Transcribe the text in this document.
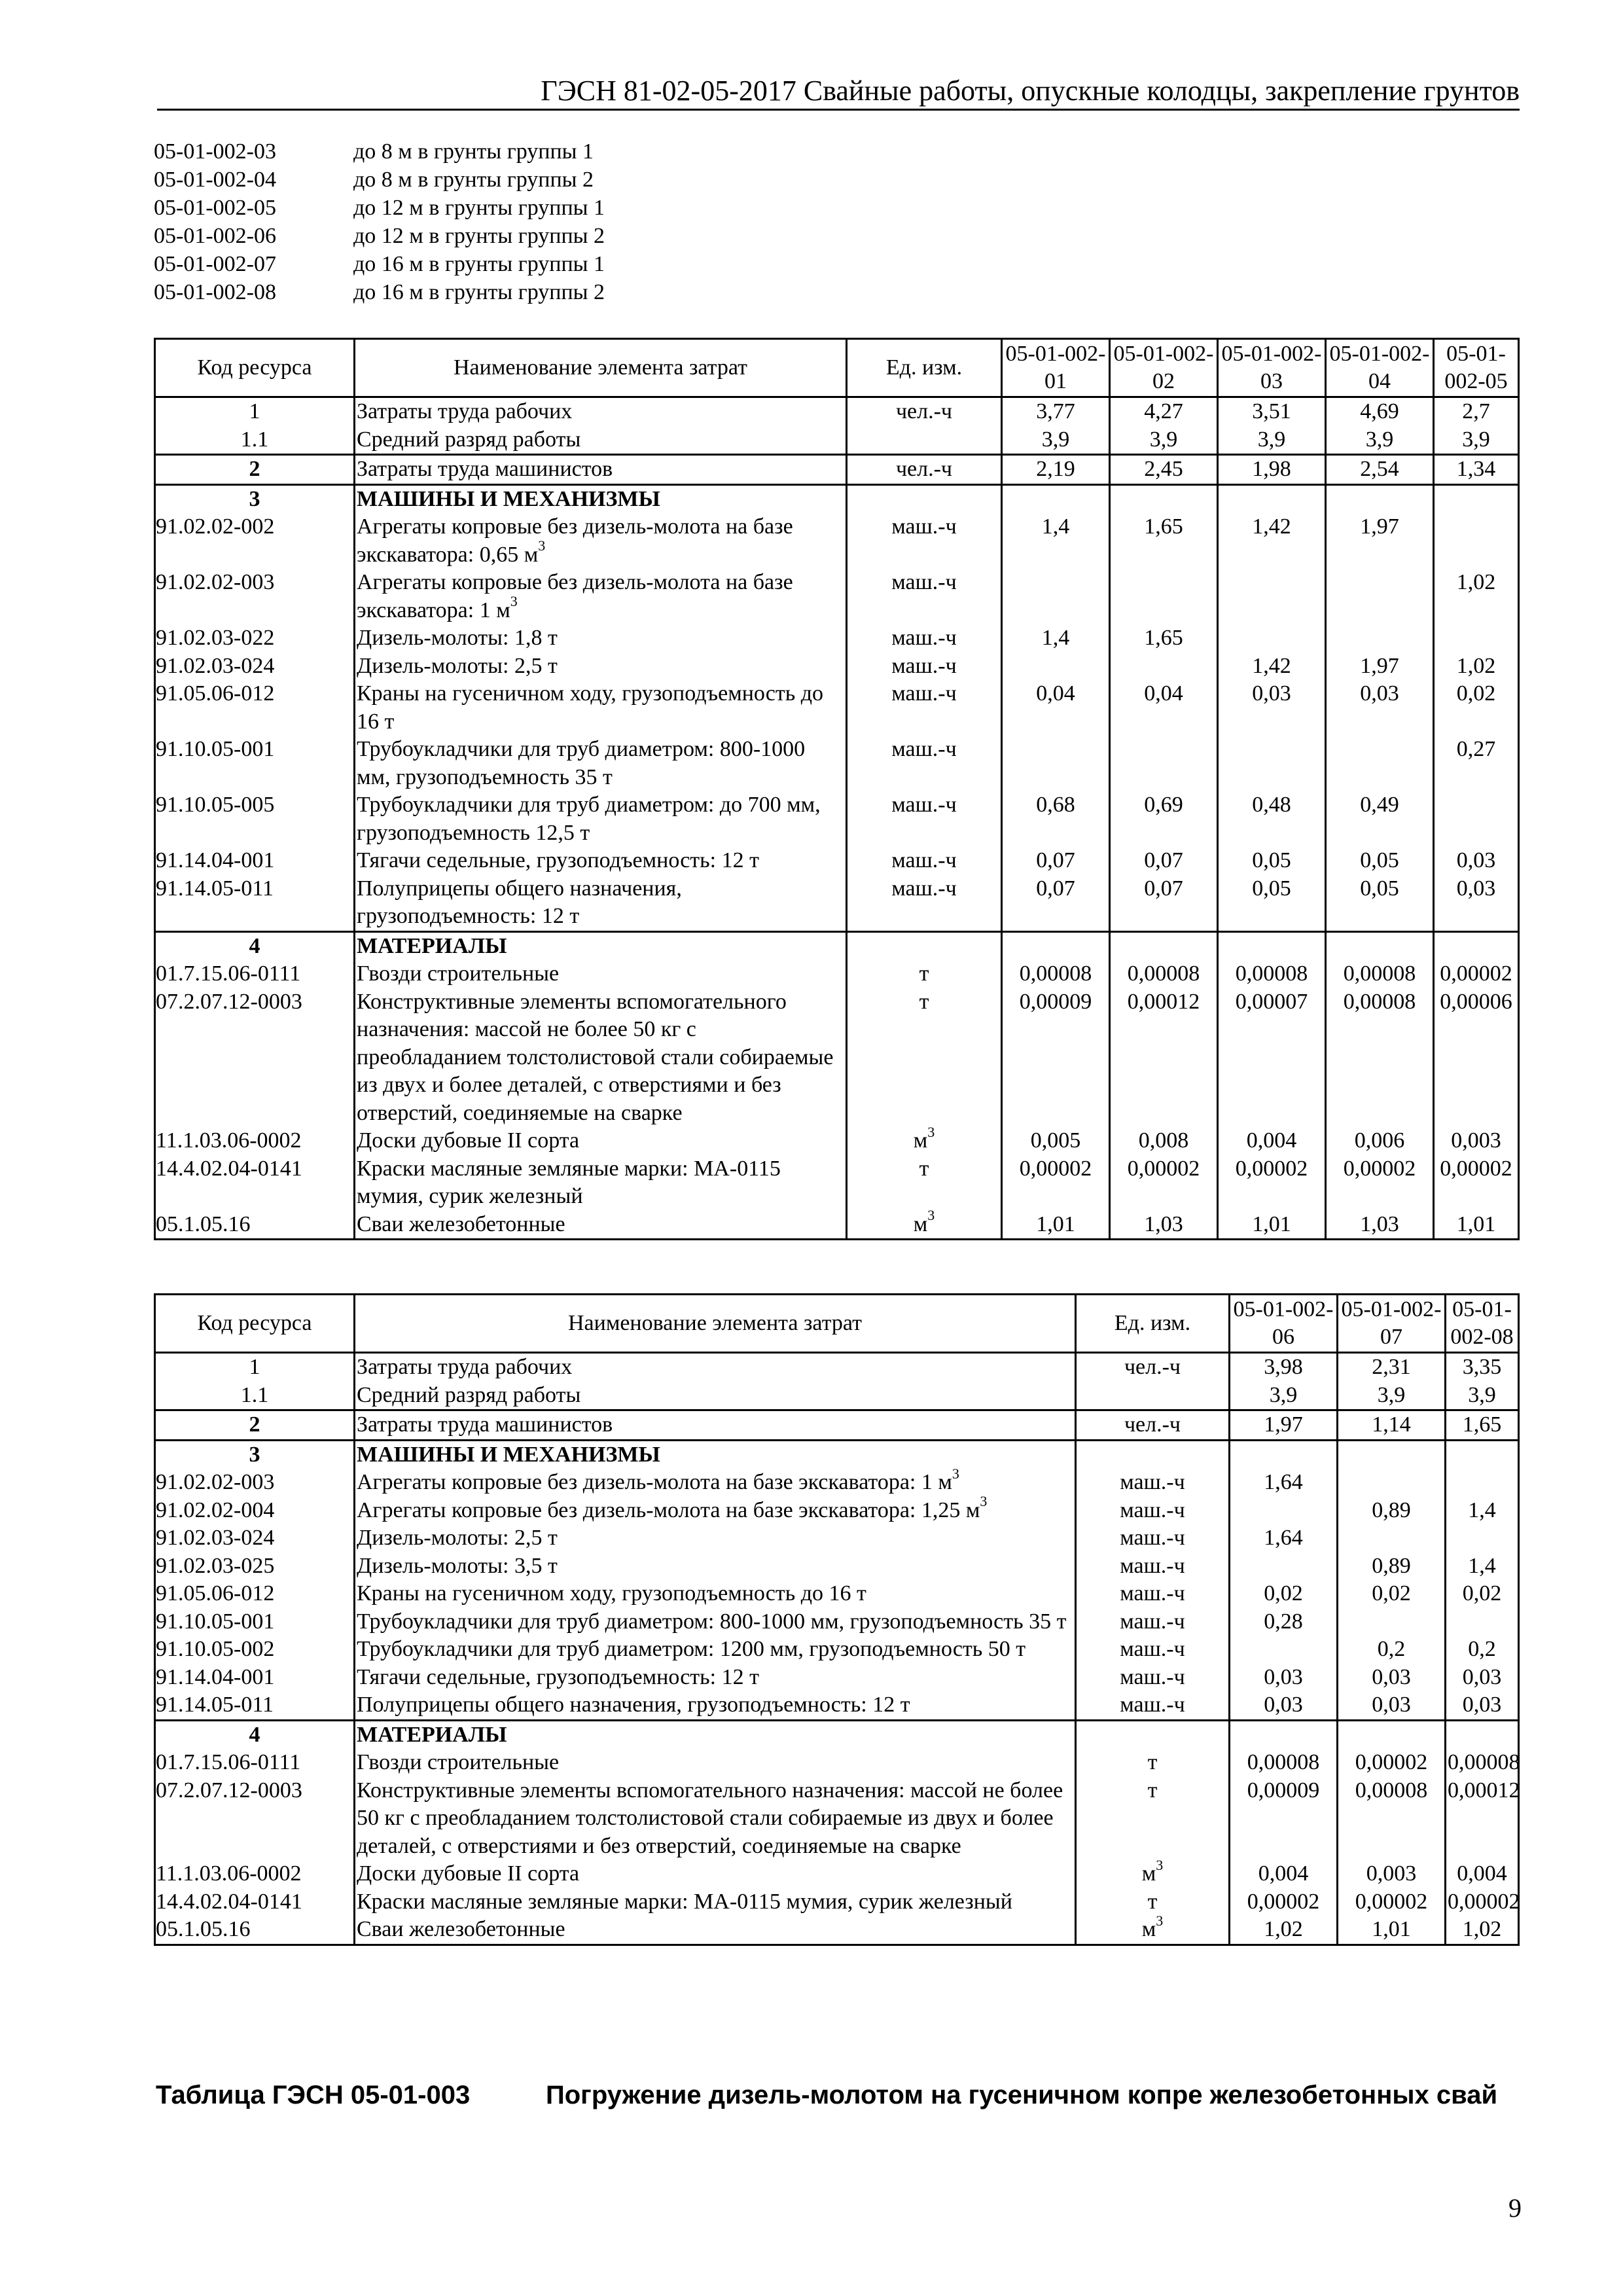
ГЭСН 81-02-05-2017 Свайные работы, опускные колодцы, закрепление грунтов
05-01-002-03	до 8 м в грунты группы 1
05-01-002-04	до 8 м в грунты группы 2
05-01-002-05	до 12 м в грунты группы 1
05-01-002-06	до 12 м в грунты группы 2
05-01-002-07	до 16 м в грунты группы 1
05-01-002-08	до 16 м в грунты группы 2
Код ресурса	Наименование элемента затрат	Ед. изм.	05-01-002-01	05-01-002-02	05-01-002-03	05-01-002-04	05-01-002-05
1	Затраты труда рабочих	чел.-ч	3,77	4,27	3,51	4,69	2,7
1.1	Средний разряд работы		3,9	3,9	3,9	3,9	3,9
2	Затраты труда машинистов	чел.-ч	2,19	2,45	1,98	2,54	1,34
3	МАШИНЫ И МЕХАНИЗМЫ						
91.02.02-002	Агрегаты копровые без дизель-молота на базе экскаватора: 0,65 $м^3$	маш.-ч	1,4	1,65	1,42	1,97	
91.02.02-003	Агрегаты копровые без дизель-молота на базе экскаватора: 1 $м^3$	маш.-ч					1,02
91.02.03-022	Дизель-молоты: 1,8 т	маш.-ч	1,4	1,65			
91.02.03-024	Дизель-молоты: 2,5 т	маш.-ч			1,42	1,97	1,02
91.05.06-012	Краны на гусеничном ходу, грузоподъемность до 16 т	маш.-ч	0,04	0,04	0,03	0,03	0,02
91.10.05-001	Трубоукладчики для труб диаметром: 800-1000 мм, грузоподъемность 35 т	маш.-ч					0,27
91.10.05-005	Трубоукладчики для труб диаметром: до 700 мм, грузоподъемность 12,5 т	маш.-ч	0,68	0,69	0,48	0,49	
91.14.04-001	Тягачи седельные, грузоподъемность: 12 т	маш.-ч	0,07	0,07	0,05	0,05	0,03
91.14.05-011	Полуприцепы общего назначения, грузоподъемность: 12 т	маш.-ч	0,07	0,07	0,05	0,05	0,03
4	МАТЕРИАЛЫ						
01.7.15.06-0111	Гвозди строительные	т	0,00008	0,00008	0,00008	0,00008	0,00002
07.2.07.12-0003	Конструктивные элементы вспомогательного назначения: массой не более 50 кг с преобладанием толстолистовой стали собираемые из двух и более деталей, с отверстиями и без отверстий, соединяемые на сварке	т	0,00009	0,00012	0,00007	0,00008	0,00006
11.1.03.06-0002	Доски дубовые II сорта	$м^3$	0,005	0,008	0,004	0,006	0,003
14.4.02.04-0141	Краски масляные земляные марки: МА-0115 мумия, сурик железный	т	0,00002	0,00002	0,00002	0,00002	0,00002
05.1.05.16	Сваи железобетонные	$м^3$	1,01	1,03	1,01	1,03	1,01
Код ресурса	Наименование элемента затрат	Ед. изм.	05-01-002-06	05-01-002-07	05-01-002-08
1	Затраты труда рабочих	чел.-ч	3,98	2,31	3,35
1.1	Средний разряд работы		3,9	3,9	3,9
2	Затраты труда машинистов	чел.-ч	1,97	1,14	1,65
3	МАШИНЫ И МЕХАНИЗМЫ				
91.02.02-003	Агрегаты копровые без дизель-молота на базе экскаватора: 1 $м^3$	маш.-ч	1,64		
91.02.02-004	Агрегаты копровые без дизель-молота на базе экскаватора: 1,25 $м^3$	маш.-ч		0,89	1,4
91.02.03-024	Дизель-молоты: 2,5 т	маш.-ч	1,64		
91.02.03-025	Дизель-молоты: 3,5 т	маш.-ч		0,89	1,4
91.05.06-012	Краны на гусеничном ходу, грузоподъемность до 16 т	маш.-ч	0,02	0,02	0,02
91.10.05-001	Трубоукладчики для труб диаметром: 800-1000 мм, грузоподъемность 35 т	маш.-ч	0,28		
91.10.05-002	Трубоукладчики для труб диаметром: 1200 мм, грузоподъемность 50 т	маш.-ч		0,2	0,2
91.14.04-001	Тягачи седельные, грузоподъемность: 12 т	маш.-ч	0,03	0,03	0,03
91.14.05-011	Полуприцепы общего назначения, грузоподъемность: 12 т	маш.-ч	0,03	0,03	0,03
4	МАТЕРИАЛЫ				
01.7.15.06-0111	Гвозди строительные	т	0,00008	0,00002	0,00008
07.2.07.12-0003	Конструктивные элементы вспомогательного назначения: массой не более 50 кг с преобладанием толстолистовой стали собираемые из двух и более деталей, с отверстиями и без отверстий, соединяемые на сварке	т	0,00009	0,00008	0,00012
11.1.03.06-0002	Доски дубовые II сорта	$м^3$	0,004	0,003	0,004
14.4.02.04-0141	Краски масляные земляные марки: МА-0115 мумия, сурик железный	т	0,00002	0,00002	0,00002
05.1.05.16	Сваи железобетонные	$м^3$	1,02	1,01	1,02
Таблица ГЭСН 05-01-003	Погружение дизель-молотом на гусеничном копре железобетонных свай
9
